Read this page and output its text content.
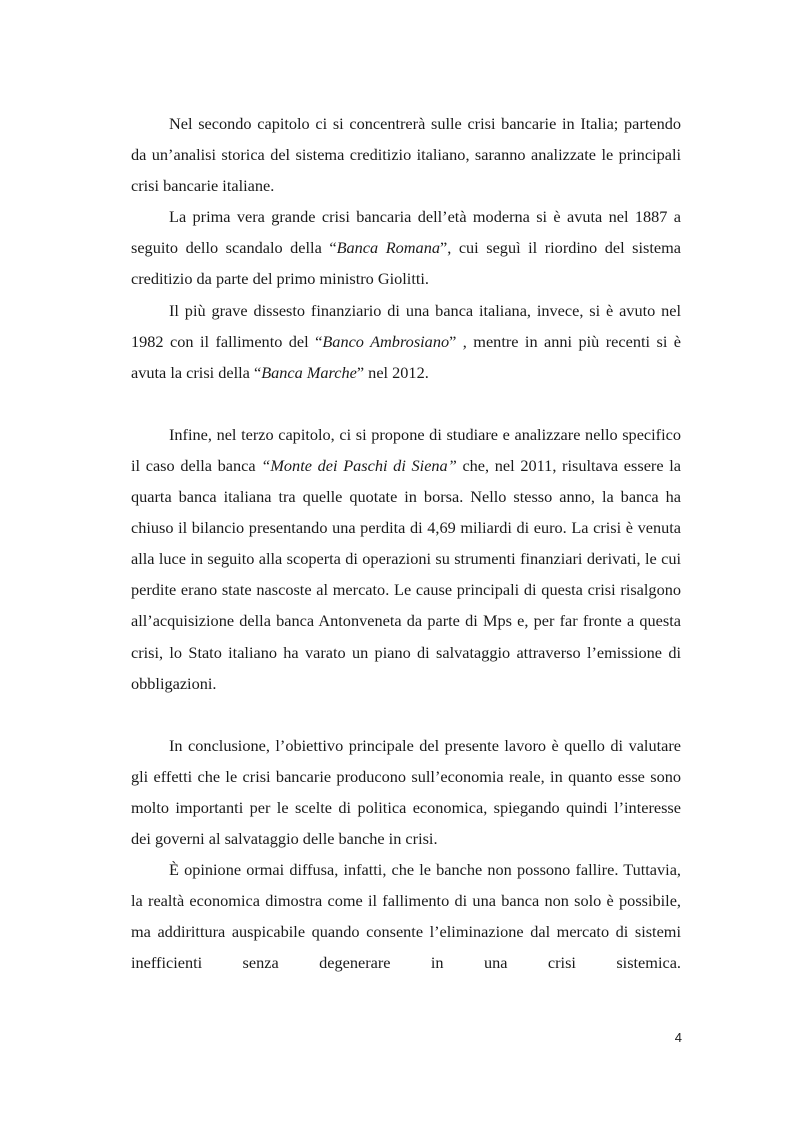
Nel secondo capitolo ci si concentrerà sulle crisi bancarie in Italia; partendo da un’analisi storica del sistema creditizio italiano, saranno analizzate le principali crisi bancarie italiane.

La prima vera grande crisi bancaria dell’età moderna si è avuta nel 1887 a seguito dello scandalo della “Banca Romana”, cui seguì il riordino del sistema creditizio da parte del primo ministro Giolitti.

Il più grave dissesto finanziario di una banca italiana, invece, si è avuto nel 1982 con il fallimento del “Banco Ambrosiano” , mentre in anni più recenti si è avuta la crisi della “Banca Marche” nel 2012.

Infine, nel terzo capitolo, ci si propone di studiare e analizzare nello specifico il caso della banca “Monte dei Paschi di Siena” che, nel 2011, risultava essere la quarta banca italiana tra quelle quotate in borsa. Nello stesso anno, la banca ha chiuso il bilancio presentando una perdita di 4,69 miliardi di euro. La crisi è venuta alla luce in seguito alla scoperta di operazioni su strumenti finanziari derivati, le cui perdite erano state nascoste al mercato. Le cause principali di questa crisi risalgono all’acquisizione della banca Antonveneta da parte di Mps e, per far fronte a questa crisi, lo Stato italiano ha varato un piano di salvataggio attraverso l’emissione di obbligazioni.

In conclusione, l’obiettivo principale del presente lavoro è quello di valutare gli effetti che le crisi bancarie producono sull’economia reale, in quanto esse sono molto importanti per le scelte di politica economica, spiegando quindi l’interesse dei governi al salvataggio delle banche in crisi.

È opinione ormai diffusa, infatti, che le banche non possono fallire. Tuttavia, la realtà economica dimostra come il fallimento di una banca non solo è possibile, ma addirittura auspicabile quando consente l’eliminazione dal mercato di sistemi inefficienti senza degenerare in una crisi sistemica.

4
